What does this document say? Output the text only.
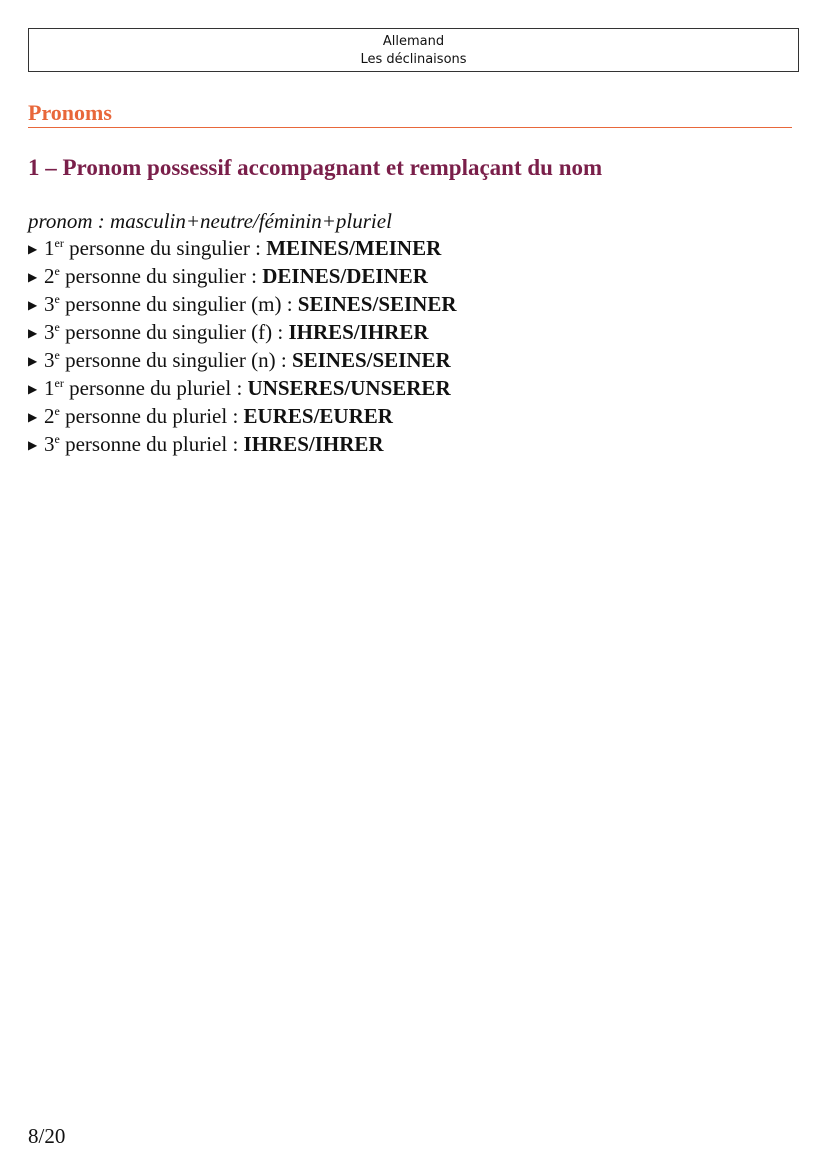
Allemand
Les déclinaisons
Pronoms
1 – Pronom possessif accompagnant et remplaçant du nom
pronom : masculin+neutre/féminin+pluriel
▶ 1er personne du singulier : MEINES/MEINER
▶ 2e personne du singulier : DEINES/DEINER
▶ 3e personne du singulier (m) : SEINES/SEINER
▶ 3e personne du singulier (f) : IHRES/IHRER
▶ 3e personne du singulier (n) : SEINES/SEINER
▶ 1er personne du pluriel : UNSERES/UNSERER
▶ 2e personne du pluriel : EURES/EURER
▶ 3e personne du pluriel : IHRES/IHRER
8/20
